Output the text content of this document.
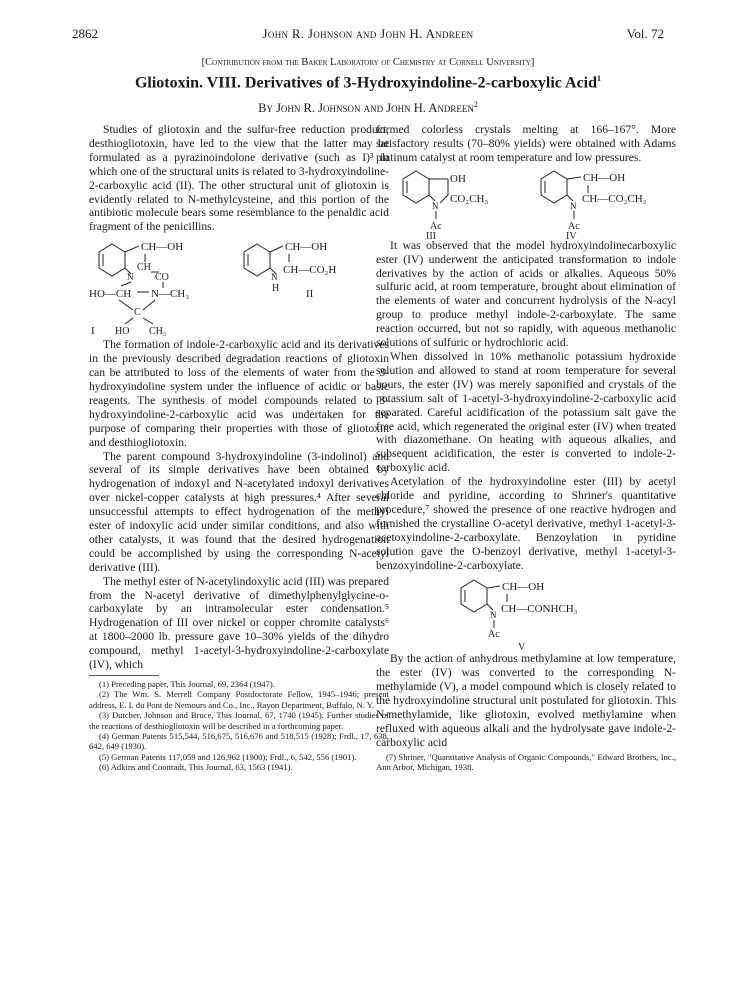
2862	John R. Johnson and John H. Andreen	Vol. 72
[Contribution from the Baker Laboratory of Chemistry at Cornell University]
Gliotoxin. VIII. Derivatives of 3-Hydroxyindoline-2-carboxylic Acid$^1$
By John R. Johnson and John H. Andreen$^2$

Studies of gliotoxin and the sulfur-free reduction product, desthiogliotoxin, have led to the view that the latter may be formulated as a pyrazinoindolone derivative (such as I)³ in which one of the structural units is related to 3-hydroxyindoline-2-carboxylic acid (II). The other structural unit of gliotoxin is evidently related to N-methylcysteine, and this portion of the antibiotic molecule bears some resemblance to the penaldic acid fragment of the penicillins.

CH—OH
N
CH
CO
HO—CH N—CH₃
C
I HO CH₃
CH—OH
N
CH—CO₂H
H II

The formation of indole-2-carboxylic acid and its derivatives in the previously described degradation reactions of gliotoxin can be attributed to loss of the elements of water from the 3-hydroxyindoline system under the influence of acidic or basic reagents. The synthesis of model compounds related to 3-hydroxyindoline-2-carboxylic acid was undertaken for the purpose of comparing their properties with those of gliotoxin and desthiogliotoxin.

The parent compound 3-hydroxyindoline (3-indolinol) and several of its simple derivatives have been obtained by hydrogenation of indoxyl and N-acetylated indoxyl derivatives over nickel-copper catalysts at high pressures.⁴ After several unsuccessful attempts to effect hydrogenation of the methyl ester of indoxylic acid under similar conditions, and also with other catalysts, it was found that the desired hydrogenation could be accomplished by using the corresponding N-acetyl derivative (III).

The methyl ester of N-acetylindoxylic acid (III) was prepared from the N-acetyl derivative of dimethylphenylglycine-o-carboxylate by an intramolecular ester condensation.⁵ Hydrogenation of III over nickel or copper chromite catalysts⁶ at 1800–2000 lb. pressure gave 10–30% yields of the dihydro compound, methyl 1-acetyl-3-hydroxyindoline-2-carboxylate (IV), which

(1) Preceding paper, This Journal, 69, 2364 (1947).

(2) The Wm. S. Merrell Company Postdoctorate Fellow, 1945–1946; present address, E. I. du Pont de Nemours and Co., Inc., Rayon Department, Buffalo, N. Y.

(3) Dutcher, Johnson and Bruce, This Journal, 67, 1740 (1945). Further studies of the reactions of desthiogliotoxin will be described in a forthcoming paper.

(4) German Patents 515,544, 516,675, 516,676 and 518,515 (1928); Frdl., 17, 638, 642, 649 (1930).

(5) German Patents 117,059 and 126,962 (1900); Frdl., 6, 542, 556 (1901).

(6) Adkins and Coonradt, This Journal, 63, 1563 (1941).

formed colorless crystals melting at 166–167°. More satisfactory results (70–80% yields) were obtained with Adams platinum catalyst at room temperature and low pressures.

OH
N
CO₂CH₃
Ac
III
CH—OH
N
CH—CO₂CH₃
Ac
IV

It was observed that the model hydroxyindolinecarboxylic ester (IV) underwent the anticipated transformation to indole derivatives by the action of acids or alkalies. Aqueous 50% sulfuric acid, at room temperature, brought about elimination of the elements of water and concurrent hydrolysis of the N-acyl group to produce methyl indole-2-carboxylate. The same reaction occurred, but not so rapidly, with aqueous methanolic solutions of sulfuric or hydrochloric acid.

When dissolved in 10% methanolic potassium hydroxide solution and allowed to stand at room temperature for several hours, the ester (IV) was merely saponified and crystals of the potassium salt of 1-acetyl-3-hydroxyindoline-2-carboxylic acid separated. Careful acidification of the potassium salt gave the free acid, which regenerated the original ester (IV) when treated with diazomethane. On heating with aqueous alkalies, and subsequent acidification, the ester is converted to indole-2-carboxylic acid.

Acetylation of the hydroxyindoline ester (III) by acetyl chloride and pyridine, according to Shriner's quantitative procedure,⁷ showed the presence of one reactive hydrogen and furnished the crystalline O-acetyl derivative, methyl 1-acetyl-3-acetoxyindoline-2-carboxylate. Benzoylation in pyridine solution gave the O-benzoyl derivative, methyl 1-acetyl-3-benzoxyindoline-2-carboxylate.

CH—OH
N CH—CONHCH₃
Ac
V

By the action of anhydrous methylamine at low temperature, the ester (IV) was converted to the corresponding N-methylamide (V), a model compound which is closely related to the hydroxyindoline structural unit postulated for gliotoxin. This N-methylamide, like gliotoxin, evolved methylamine when refluxed with aqueous alkali and the hydrolysate gave indole-2-carboxylic acid

(7) Shriner, "Quantitative Analysis of Organic Compounds," Edward Brothers, Inc., Ann Arbor, Michigan, 1938.
